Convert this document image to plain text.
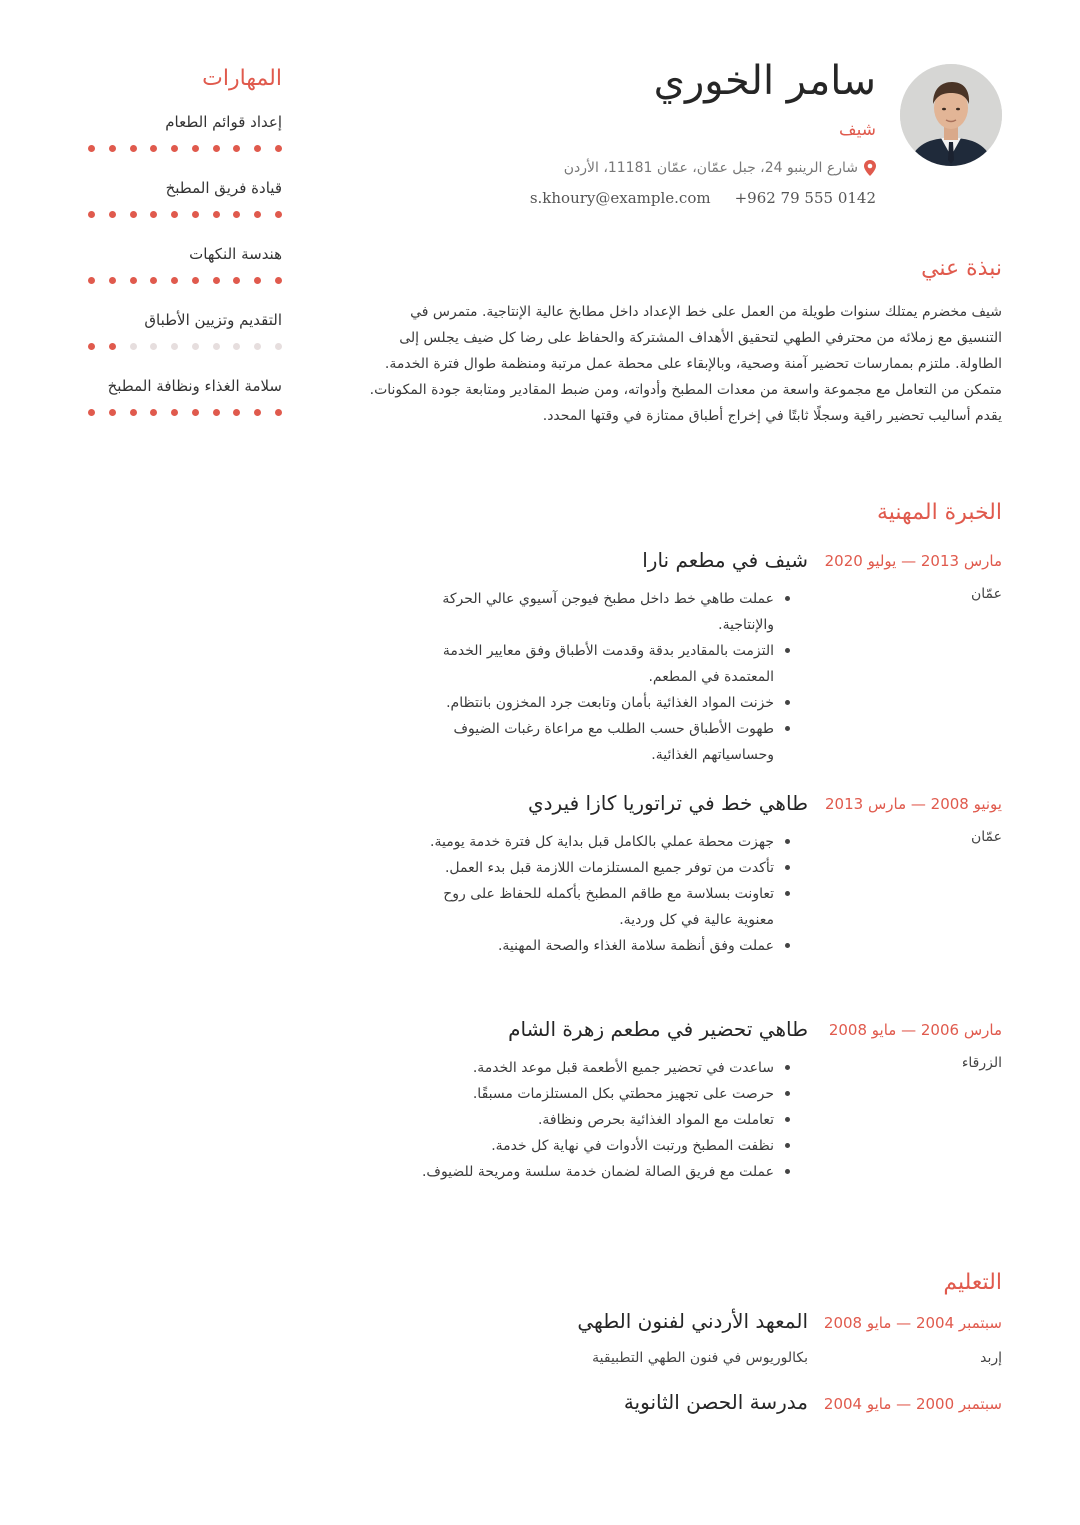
سامر الخوري
شيف
شارع الرينبو 24، جبل عمّان، عمّان 11181، الأردن
s.khoury@example.com +962 79 555 0142
نبذة عني

شيف مخضرم يمتلك سنوات طويلة من العمل على خط الإعداد داخل مطابخ عالية الإنتاجية. متمرس في التنسيق مع زملائه من محترفي الطهي لتحقيق الأهداف المشتركة والحفاظ على رضا كل ضيف يجلس إلى الطاولة. ملتزم بممارسات تحضير آمنة وصحية، وبالإبقاء على محطة عمل مرتبة ومنظمة طوال فترة الخدمة. متمكن من التعامل مع مجموعة واسعة من معدات المطبخ وأدواته، ومن ضبط المقادير ومتابعة جودة المكونات. يقدم أساليب تحضير راقية وسجلًا ثابتًا في إخراج أطباق ممتازة في وقتها المحدد.

الخبرة المهنية
مارس 2013 — يوليو 2020
عمّان
شيف في مطعم نارا
عملت طاهي خط داخل مطبخ فيوجن آسيوي عالي الحركة والإنتاجية.
التزمت بالمقادير بدقة وقدمت الأطباق وفق معايير الخدمة المعتمدة في المطعم.
خزنت المواد الغذائية بأمان وتابعت جرد المخزون بانتظام.
طهوت الأطباق حسب الطلب مع مراعاة رغبات الضيوف وحساسياتهم الغذائية.
يونيو 2008 — مارس 2013
عمّان
طاهي خط في تراتوريا كازا فيردي
جهزت محطة عملي بالكامل قبل بداية كل فترة خدمة يومية.
تأكدت من توفر جميع المستلزمات اللازمة قبل بدء العمل.
تعاونت بسلاسة مع طاقم المطبخ بأكمله للحفاظ على روح معنوية عالية في كل وردية.
عملت وفق أنظمة سلامة الغذاء والصحة المهنية.
مارس 2006 — مايو 2008
الزرقاء
طاهي تحضير في مطعم زهرة الشام
ساعدت في تحضير جميع الأطعمة قبل موعد الخدمة.
حرصت على تجهيز محطتي بكل المستلزمات مسبقًا.
تعاملت مع المواد الغذائية بحرص ونظافة.
نظفت المطبخ ورتبت الأدوات في نهاية كل خدمة.
عملت مع فريق الصالة لضمان خدمة سلسة ومريحة للضيوف.
التعليم
سبتمبر 2004 — مايو 2008
إربد
المعهد الأردني لفنون الطهي
بكالوريوس في فنون الطهي التطبيقية
سبتمبر 2000 — مايو 2004
مدرسة الحصن الثانوية
المهارات
إعداد قوائم الطعام
قيادة فريق المطبخ
هندسة النكهات
التقديم وتزيين الأطباق
سلامة الغذاء ونظافة المطبخ
